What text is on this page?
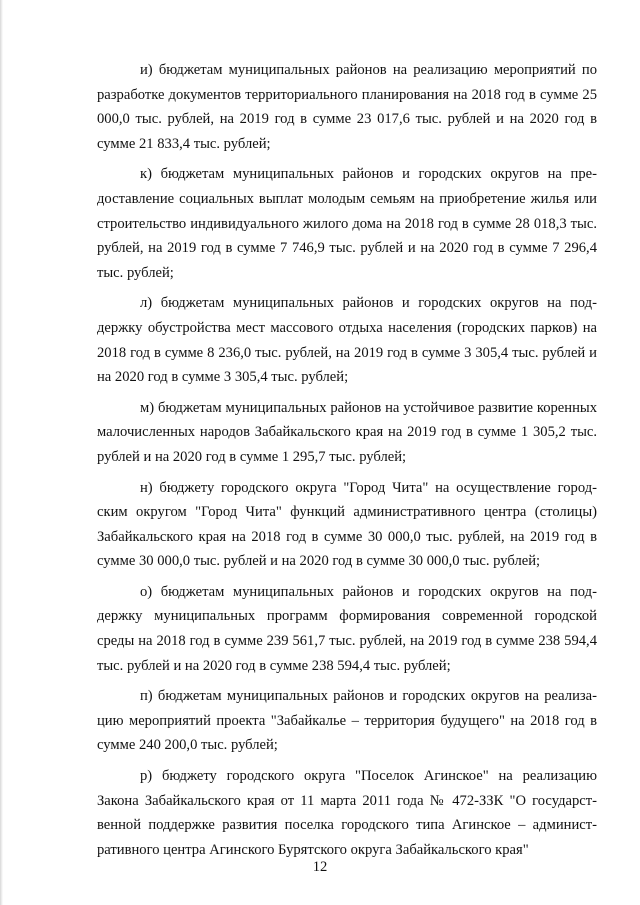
и) бюджетам муниципальных районов на реализацию мероприятий по разработке документов территориального планирования на 2018 год в сумме 25 000,0 тыс. рублей, на 2019 год в сумме 23 017,6 тыс. рублей и на 2020 год в сумме 21 833,4 тыс. рублей;

к) бюджетам муниципальных районов и городских округов на предоставление социальных выплат молодым семьям на приобретение жилья или строительство индивидуального жилого дома на 2018 год в сумме 28 018,3 тыс. рублей, на 2019 год в сумме 7 746,9 тыс. рублей и на 2020 год в сумме 7 296,4 тыс. рублей;

л) бюджетам муниципальных районов и городских округов на поддержку обустройства мест массового отдыха населения (городских парков) на 2018 год в сумме 8 236,0 тыс. рублей, на 2019 год в сумме 3 305,4 тыс. рублей и на 2020 год в сумме 3 305,4 тыс. рублей;

м) бюджетам муниципальных районов на устойчивое развитие коренных малочисленных народов Забайкальского края на 2019 год в сумме 1 305,2 тыс. рублей и на 2020 год в сумме 1 295,7 тыс. рублей;

н) бюджету городского округа "Город Чита" на осуществление городским округом "Город Чита" функций административного центра (столицы) Забайкальского края на 2018 год в сумме 30 000,0 тыс. рублей, на 2019 год в сумме 30 000,0 тыс. рублей и на 2020 год в сумме 30 000,0 тыс. рублей;

о) бюджетам муниципальных районов и городских округов на поддержку муниципальных программ формирования современной городской среды на 2018 год в сумме 239 561,7 тыс. рублей, на 2019 год в сумме 238 594,4 тыс. рублей и на 2020 год в сумме 238 594,4 тыс. рублей;

п) бюджетам муниципальных районов и городских округов на реализацию мероприятий проекта "Забайкалье – территория будущего" на 2018 год в сумме 240 200,0 тыс. рублей;

р) бюджету городского округа "Поселок Агинское" на реализацию Закона Забайкальского края от 11 марта 2011 года № 472-ЗЗК "О государственной поддержке развития поселка городского типа Агинское – административного центра Агинского Бурятского округа Забайкальского края"

12
